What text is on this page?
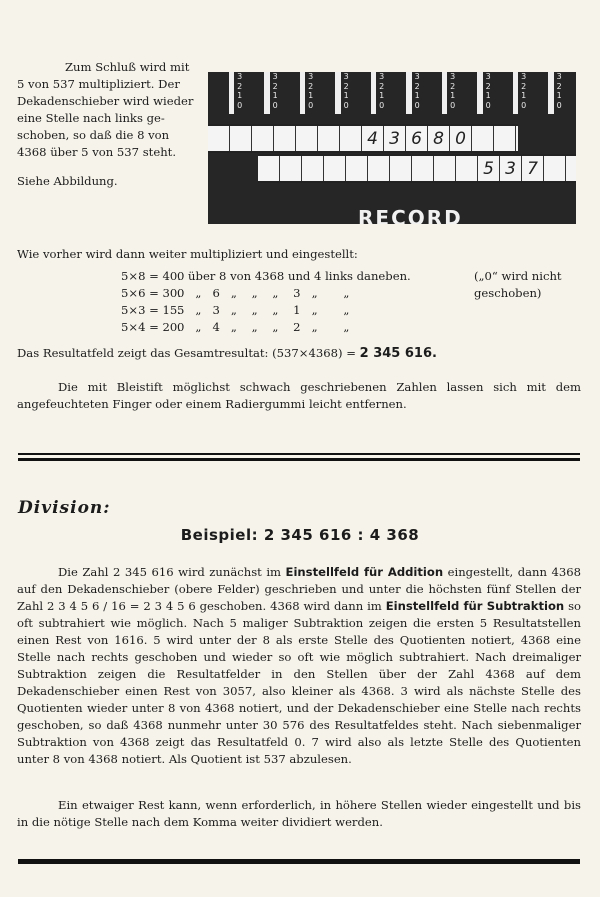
Zum Schluß wird mit

5 von 537 multipliziert. Der

Dekadenschieber wird wieder

eine Stelle nach links ge-

schoben, so daß die 8 von

4368 über 5 von 537 steht.

Siehe Abbildung.

3
2
1
0
3
2
1
0
3
2
1
0
3
2
1
0
3
2
1
0
3
2
1
0
3
2
1
0
3
2
1
0
3
2
1
0
3
2
1
0
4 3 6 8 0
5 3 7
RECORD
Wie vorher wird dann weiter multipliziert und eingestellt:
5×8 = 40.
0 über 8 von 4368 und 4 links daneben.
5×6 = 30.
0   „   6   „    „    „    3   „       „
5×3 = 15.
5   „   3   „    „    „    1   „       „
5×4 = 20.
0   „   4   „    „    „    2   „       „
(„0“ wird nicht geschoben)
Das Resultatfeld zeigt das Gesamtresultat: (537×4368) = 2 345 616.

Die mit Bleistift möglichst schwach geschriebenen Zahlen lassen sich mit dem angefeuchteten Finger oder einem Radiergummi leicht entfernen.

Division:
Beispiel: 2 345 616 : 4 368

Die Zahl 2 345 616 wird zunächst im Einstellfeld für Addition eingestellt, dann 4368 auf den Dekadenschieber (obere Felder) geschrieben und unter die höchsten fünf Stellen der Zahl 2 3 4 5 6 / 16 = 2 3 4 5 6 geschoben. 4368 wird dann im Einstellfeld für Subtraktion so oft subtrahiert wie möglich. Nach 5 maliger Subtraktion zeigen die ersten 5 Resultatstellen einen Rest von 1616. 5 wird unter der 8 als erste Stelle des Quotienten notiert, 4368 eine Stelle nach rechts geschoben und wieder so oft wie möglich subtrahiert. Nach dreimaliger Subtraktion zeigen die Resultatfelder in den Stellen über der Zahl 4368 auf dem Dekadenschieber einen Rest von 3057, also kleiner als 4368. 3 wird als nächste Stelle des Quotienten wieder unter 8 von 4368 notiert, und der Dekadenschieber eine Stelle nach rechts geschoben, so daß 4368 nunmehr unter 30 576 des Resultatfeldes steht. Nach siebenmaliger Subtraktion von 4368 zeigt das Resultatfeld 0. 7 wird also als letzte Stelle des Quotienten unter 8 von 4368 notiert. Als Quotient ist 537 abzulesen.

Ein etwaiger Rest kann, wenn erforderlich, in höhere Stellen wieder eingestellt und bis in die nötige Stelle nach dem Komma weiter dividiert werden.
